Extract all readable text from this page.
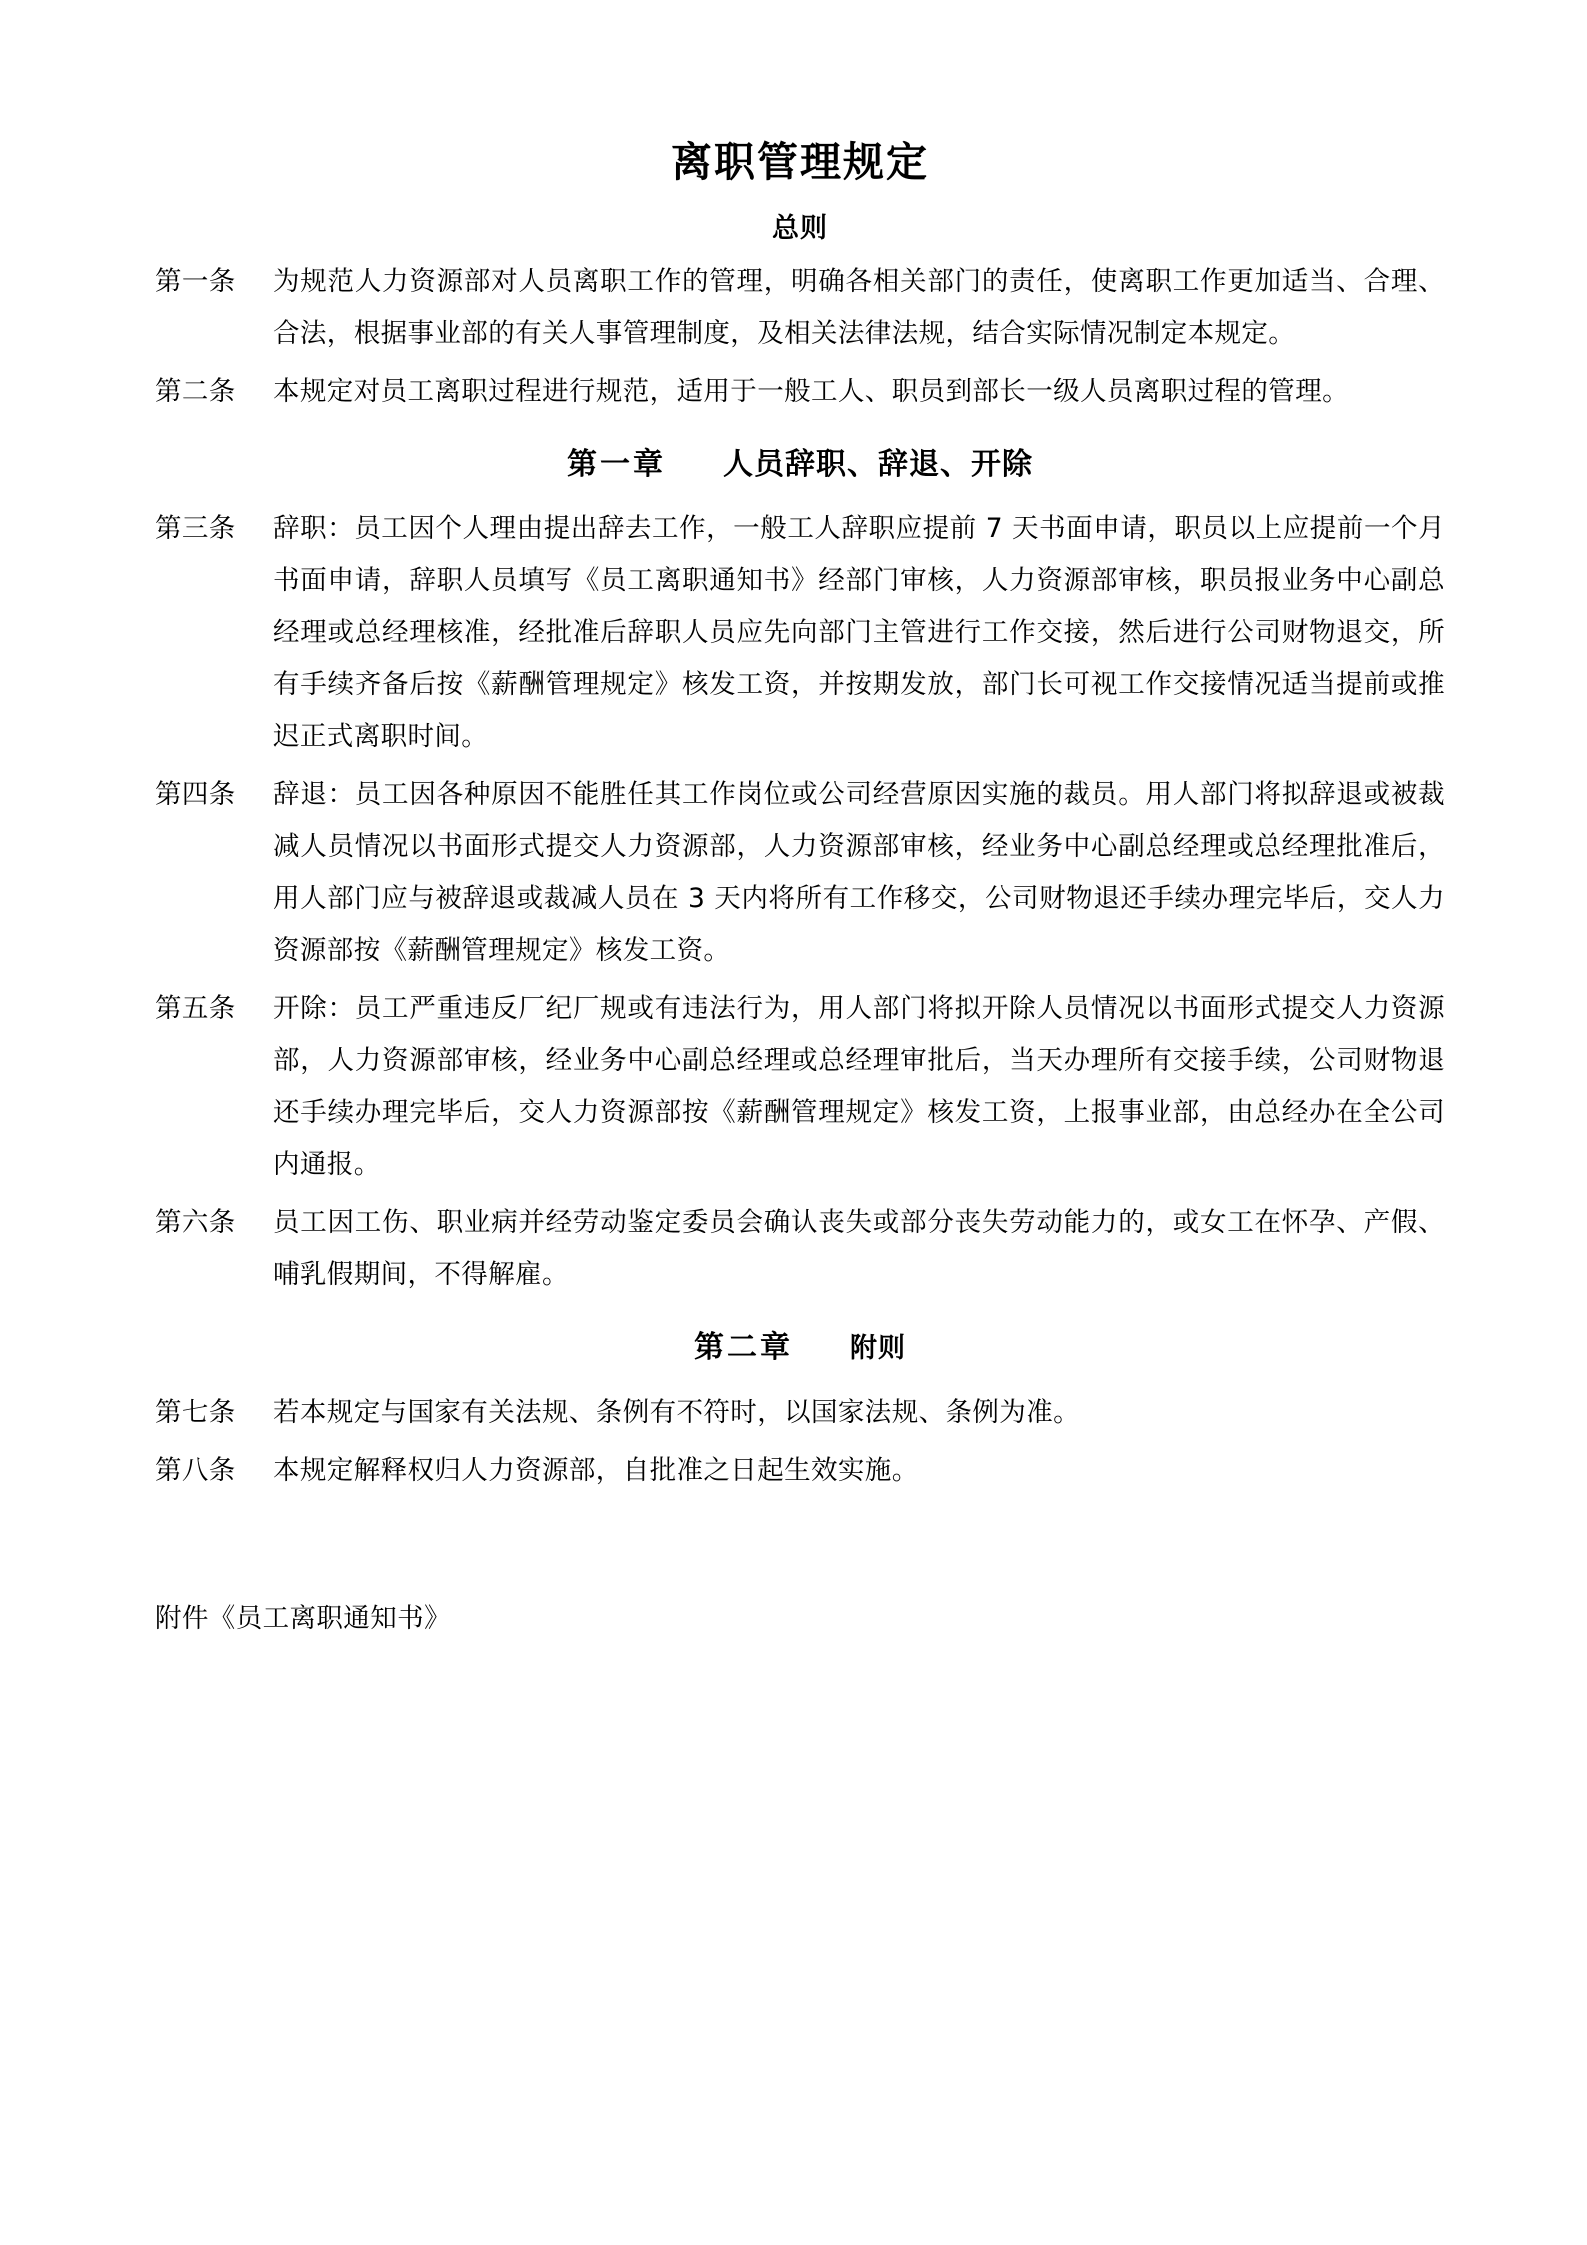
离职管理规定
总则
第一条	为规范人力资源部对人员离职工作的管理，明确各相关部门的责任，使离职工作更加适当、合理、合法，根据事业部的有关人事管理制度，及相关法律法规，结合实际情况制定本规定。
第二条	本规定对员工离职过程进行规范，适用于一般工人、职员到部长一级人员离职过程的管理。
第一章 人员辞职、辞退、开除
第三条	辞职：员工因个人理由提出辞去工作，一般工人辞职应提前 7 天书面申请，职员以上应提前一个月书面申请，辞职人员填写《员工离职通知书》经部门审核，人力资源部审核，职员报业务中心副总经理或总经理核准，经批准后辞职人员应先向部门主管进行工作交接，然后进行公司财物退交，所有手续齐备后按《薪酬管理规定》核发工资，并按期发放，部门长可视工作交接情况适当提前或推迟正式离职时间。
第四条	辞退：员工因各种原因不能胜任其工作岗位或公司经营原因实施的裁员。用人部门将拟辞退或被裁减人员情况以书面形式提交人力资源部，人力资源部审核，经业务中心副总经理或总经理批准后，用人部门应与被辞退或裁减人员在 3 天内将所有工作移交，公司财物退还手续办理完毕后，交人力资源部按《薪酬管理规定》核发工资。
第五条	开除：员工严重违反厂纪厂规或有违法行为，用人部门将拟开除人员情况以书面形式提交人力资源部，人力资源部审核，经业务中心副总经理或总经理审批后，当天办理所有交接手续，公司财物退还手续办理完毕后，交人力资源部按《薪酬管理规定》核发工资，上报事业部，由总经办在全公司内通报。
第六条	员工因工伤、职业病并经劳动鉴定委员会确认丧失或部分丧失劳动能力的，或女工在怀孕、产假、哺乳假期间，不得解雇。
第二章 附则
第七条	若本规定与国家有关法规、条例有不符时，以国家法规、条例为准。
第八条	本规定解释权归人力资源部，自批准之日起生效实施。
附件《员工离职通知书》
